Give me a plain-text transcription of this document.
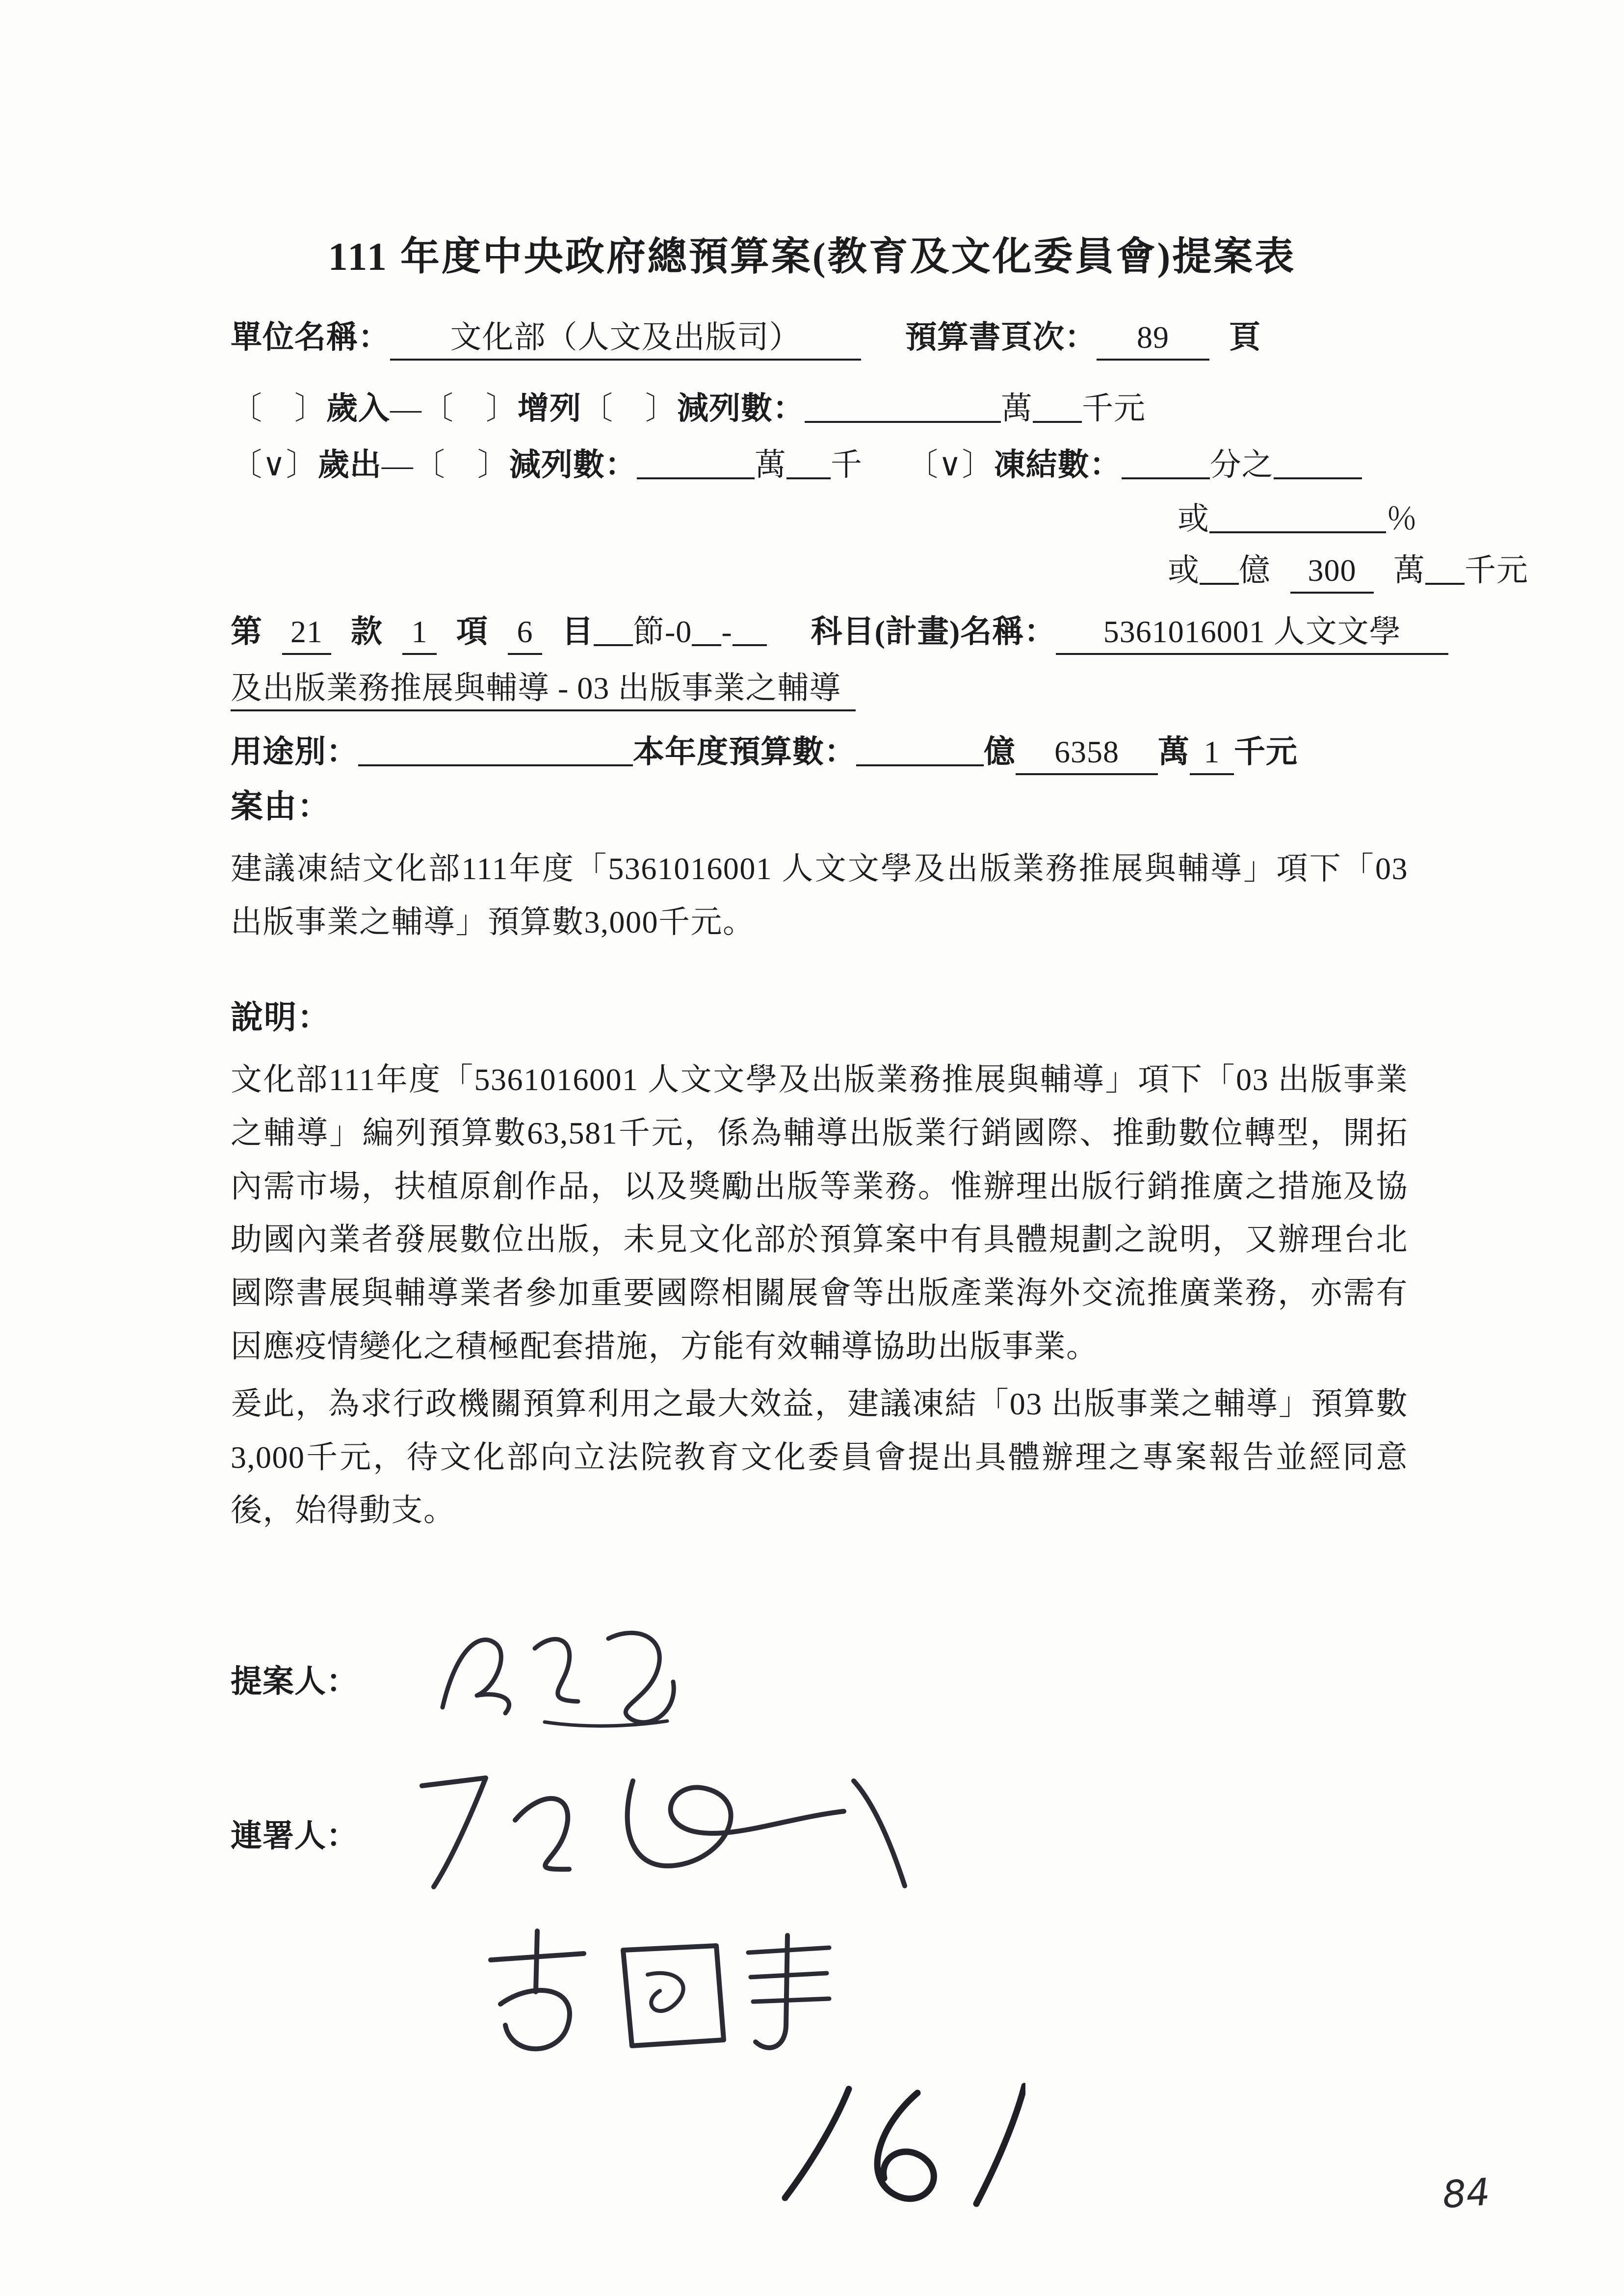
111 年度中央政府總預算案(教育及文化委員會)提案表
單位名稱： 文化部（人文及出版司）	預算書頁次： 89 頁
〔　〕歲入—〔　〕增列〔　〕減列數：	萬 千元
〔∨〕歲出—〔　〕減列數：	萬 千 〔∨〕凍結數：	分之
或	％
或 億 300 萬 千元
第 21 款 1 項 6 目 節-0 -	科目(計畫)名稱： 5361016001 人文文學
及出版業務推展與輔導 - 03 出版事業之輔導
用途別：	本年度預算數：	億 6358 萬 1 千元
案由：

建議凍結文化部111年度「5361016001 人文文學及出版業務推展與輔導」項下「03 出版事業之輔導」預算數3,000千元。

說明：

文化部111年度「5361016001 人文文學及出版業務推展與輔導」項下「03 出版事業之輔導」編列預算數63,581千元，係為輔導出版業行銷國際、推動數位轉型，開拓內需市場，扶植原創作品，以及獎勵出版等業務。惟辦理出版行銷推廣之措施及協助國內業者發展數位出版，未見文化部於預算案中有具體規劃之說明，又辦理台北國際書展與輔導業者參加重要國際相關展會等出版產業海外交流推廣業務，亦需有因應疫情變化之積極配套措施，方能有效輔導協助出版事業。

爰此，為求行政機關預算利用之最大效益，建議凍結「03 出版事業之輔導」預算數3,000千元，待文化部向立法院教育文化委員會提出具體辦理之專案報告並經同意後，始得動支。

提案人：
連署人：
84
